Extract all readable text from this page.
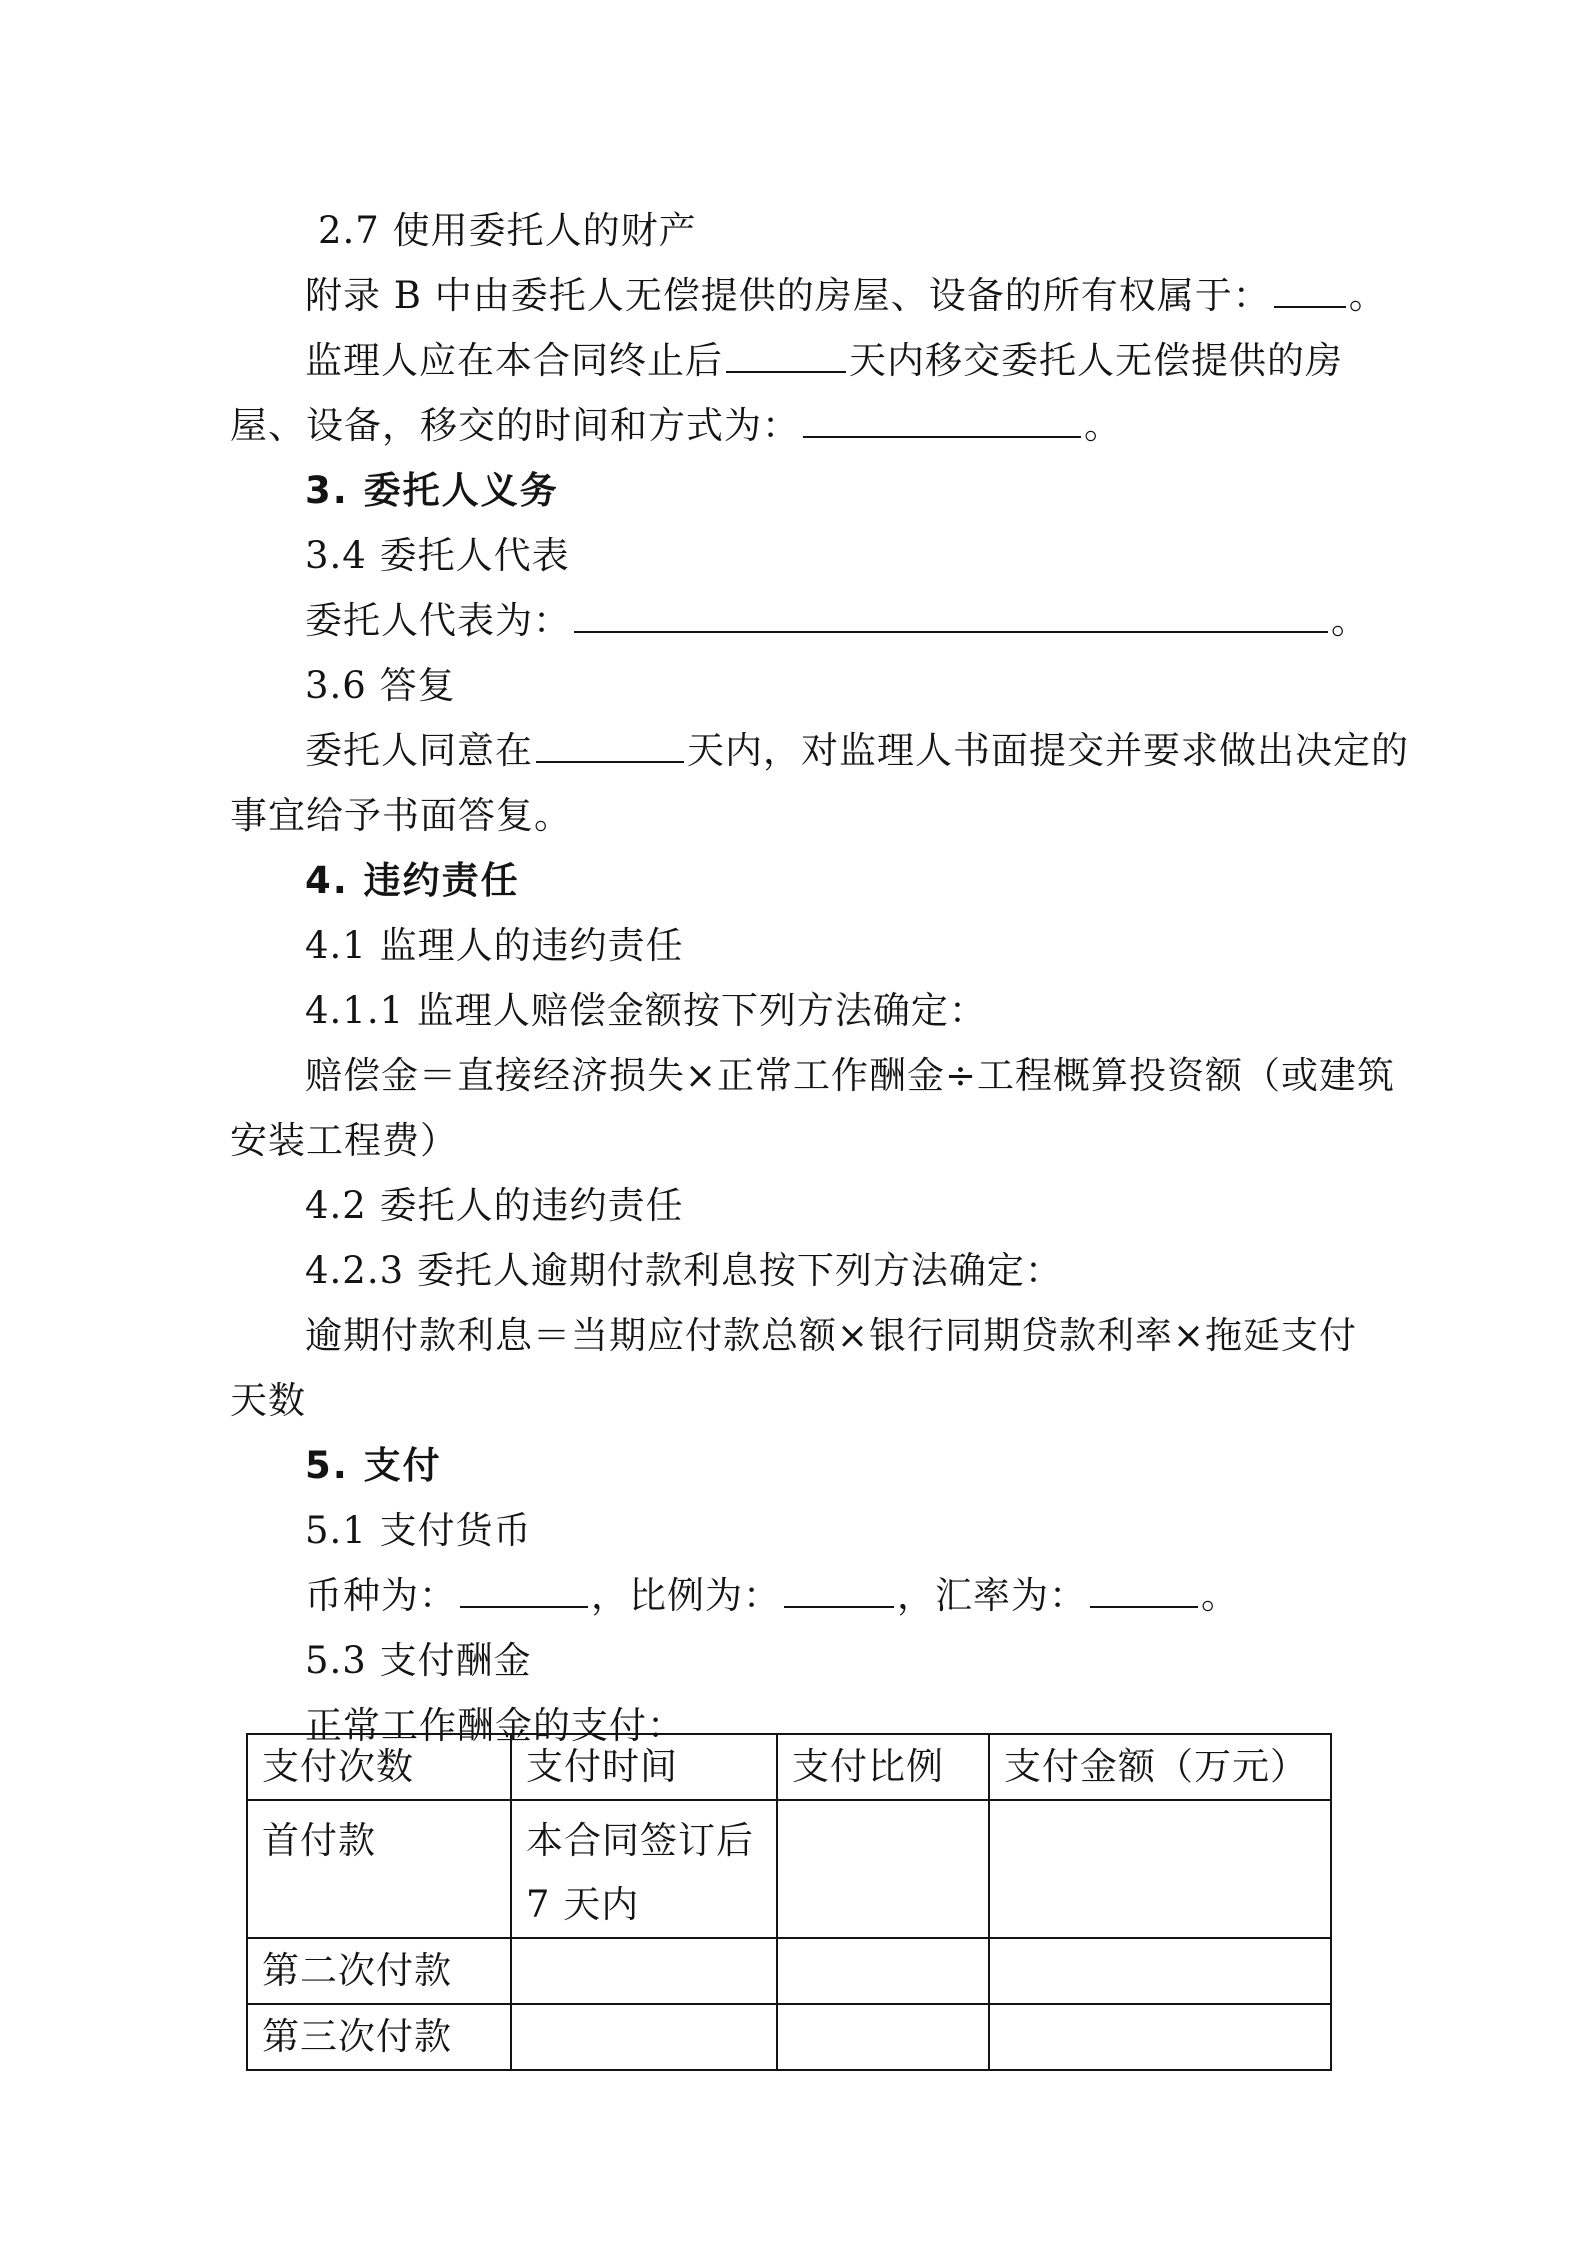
2.7 使用委托人的财产
附录 B 中由委托人无偿提供的房屋、设备的所有权属于： 。
监理人应在本合同终止后	天内移交委托人无偿提供的房
屋、设备，移交的时间和方式为：	。
3. 委托人义务
3.4 委托人代表
委托人代表为：	。
3.6 答复
委托人同意在	天内，对监理人书面提交并要求做出决定的
事宜给予书面答复。
4. 违约责任
4.1 监理人的违约责任
4.1.1 监理人赔偿金额按下列方法确定：
赔偿金＝直接经济损失×正常工作酬金÷工程概算投资额（或建筑
安装工程费）
4.2 委托人的违约责任
4.2.3 委托人逾期付款利息按下列方法确定：
逾期付款利息＝当期应付款总额×银行同期贷款利率×拖延支付
天数
5. 支付
5.1 支付货币
币种为：	，比例为：	，汇率为：	。
5.3 支付酬金
正常工作酬金的支付：
支付次数	支付时间	支付比例	支付金额（万元）
首付款	本合同签订后 7 天内		
第二次付款			
第三次付款			
